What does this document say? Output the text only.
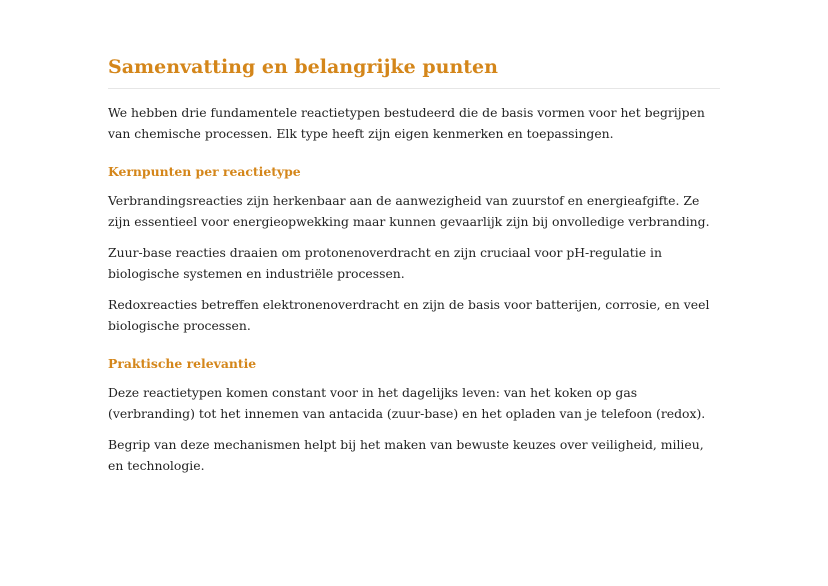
Samenvatting en belangrijke punten

We hebben drie fundamentele reactietypen bestudeerd die de basis vormen voor het begrijpen van chemische processen. Elk type heeft zijn eigen kenmerken en toepassingen.

Kernpunten per reactietype

Verbrandingsreacties zijn herkenbaar aan de aanwezigheid van zuurstof en energieafgifte. Ze zijn essentieel voor energieopwekking maar kunnen gevaarlijk zijn bij onvolledige verbranding.

Zuur-base reacties draaien om protonenoverdracht en zijn cruciaal voor pH-regulatie in biologische systemen en industriële processen.

Redoxreacties betreffen elektronenoverdracht en zijn de basis voor batterijen, corrosie, en veel biologische processen.

Praktische relevantie

Deze reactietypen komen constant voor in het dagelijks leven: van het koken op gas (verbranding) tot het innemen van antacida (zuur-base) en het opladen van je telefoon (redox).

Begrip van deze mechanismen helpt bij het maken van bewuste keuzes over veiligheid, milieu, en technologie.
